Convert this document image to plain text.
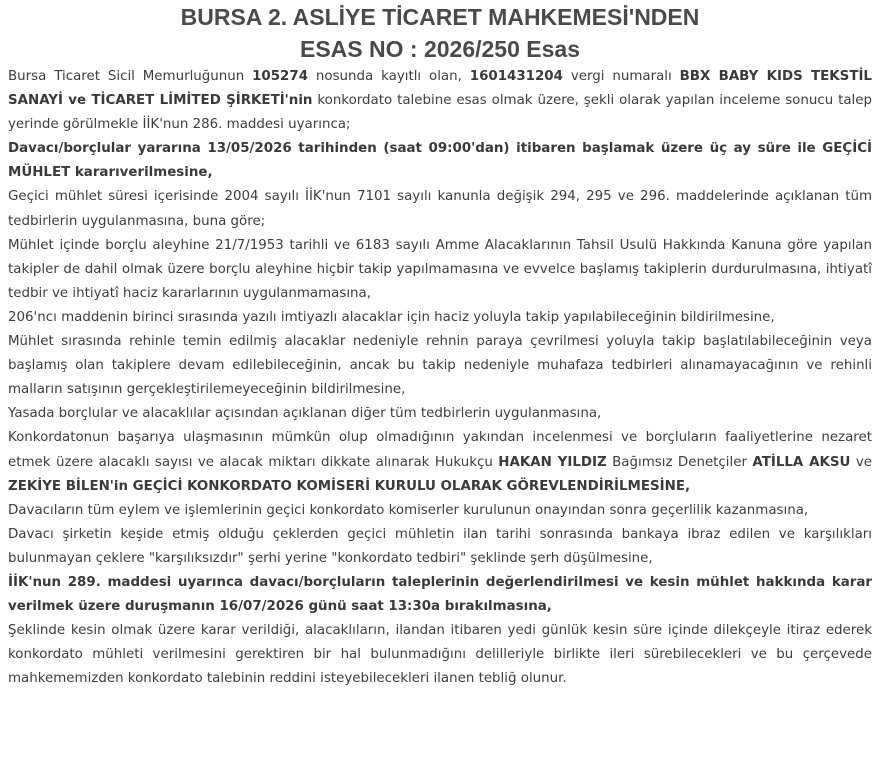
BURSA 2. ASLİYE TİCARET MAHKEMESİ'NDEN
ESAS NO : 2026/250 Esas

Bursa Ticaret Sicil Memurluğunun 105274 nosunda kayıtlı olan, 1601431204 vergi numaralı BBX BABY KIDS TEKSTİL SANAYİ ve TİCARET LİMİTED ŞİRKETİ'nin konkordato talebine esas olmak üzere, şekli olarak yapılan inceleme sonucu talep yerinde görülmekle İİK'nun 286. maddesi uyarınca;

Davacı/borçlular yararına 13/05/2026 tarihinden (saat 09:00'dan) itibaren başlamak üzere üç ay süre ile GEÇİCİ MÜHLET kararıverilmesine,

Geçici mühlet süresi içerisinde 2004 sayılı İİK'nun 7101 sayılı kanunla değişik 294, 295 ve 296. maddelerinde açıklanan tüm tedbirlerin uygulanmasına, buna göre;

Mühlet içinde borçlu aleyhine 21/7/1953 tarihli ve 6183 sayılı Amme Alacaklarının Tahsil Usulü Hakkında Kanuna göre yapılan takipler de dahil olmak üzere borçlu aleyhine hiçbir takip yapılmamasına ve evvelce başlamış takiplerin durdurulmasına, ihtiyatî tedbir ve ihtiyatî haciz kararlarının uygulanmamasına,

206'ncı maddenin birinci sırasında yazılı imtiyazlı alacaklar için haciz yoluyla takip yapılabileceğinin bildirilmesine,

Mühlet sırasında rehinle temin edilmiş alacaklar nedeniyle rehnin paraya çevrilmesi yoluyla takip başlatılabileceğinin veya başlamış olan takiplere devam edilebileceğinin, ancak bu takip nedeniyle muhafaza tedbirleri alınamayacağının ve rehinli malların satışının gerçekleştirilemeyeceğinin bildirilmesine,

Yasada borçlular ve alacaklılar açısından açıklanan diğer tüm tedbirlerin uygulanmasına,

Konkordatonun başarıya ulaşmasının mümkün olup olmadığının yakından incelenmesi ve borçluların faaliyetlerine nezaret etmek üzere alacaklı sayısı ve alacak miktarı dikkate alınarak Hukukçu HAKAN YILDIZ Bağımsız Denetçiler ATİLLA AKSU ve ZEKİYE BİLEN'in GEÇİCİ KONKORDATO KOMİSERİ KURULU OLARAK GÖREVLENDİRİLMESİNE,

Davacıların tüm eylem ve işlemlerinin geçici konkordato komiserler kurulunun onayından sonra geçerlilik kazanmasına,

Davacı şirketin keşide etmiş olduğu çeklerden geçici mühletin ilan tarihi sonrasında bankaya ibraz edilen ve karşılıkları bulunmayan çeklere "karşılıksızdır" şerhi yerine "konkordato tedbiri" şeklinde şerh düşülmesine,

İİK'nun 289. maddesi uyarınca davacı/borçluların taleplerinin değerlendirilmesi ve kesin mühlet hakkında karar verilmek üzere duruşmanın 16/07/2026 günü saat 13:30a bırakılmasına,

Şeklinde kesin olmak üzere karar verildiği, alacaklıların, ilandan itibaren yedi günlük kesin süre içinde dilekçeyle itiraz ederek konkordato mühleti verilmesini gerektiren bir hal bulunmadığını delilleriyle birlikte ileri sürebilecekleri ve bu çerçevede mahkememizden konkordato talebinin reddini isteyebilecekleri ilanen tebliğ olunur.
